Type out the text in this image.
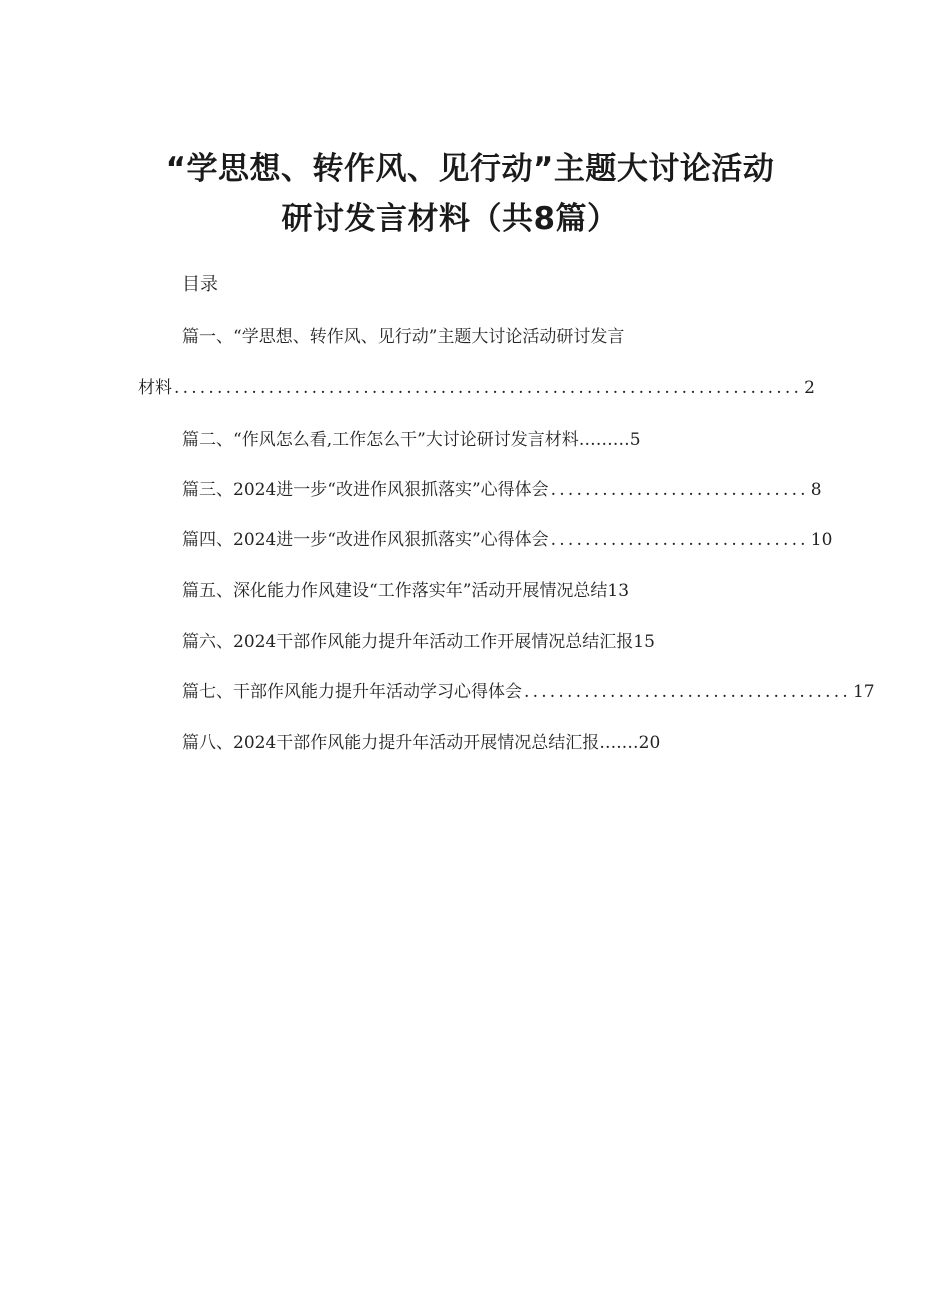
“学思想、转作风、见行动”主题大讨论活动
研讨发言材料（共8篇）
目录
篇一、“学思想、转作风、见行动”主题大讨论活动研讨发言
材料 ......................................................................... 2
篇二、“作风怎么看,工作怎么干”大讨论研讨发言材料………5
篇三、2024进一步“改进作风狠抓落实”心得体会 .............................. 8
篇四、2024进一步“改进作风狠抓落实”心得体会 .............................. 10
篇五、深化能力作风建设“工作落实年”活动开展情况总结13
篇六、2024干部作风能力提升年活动工作开展情况总结汇报15
篇七、干部作风能力提升年活动学习心得体会 ...................................... 17
篇八、2024干部作风能力提升年活动开展情况总结汇报….…20
